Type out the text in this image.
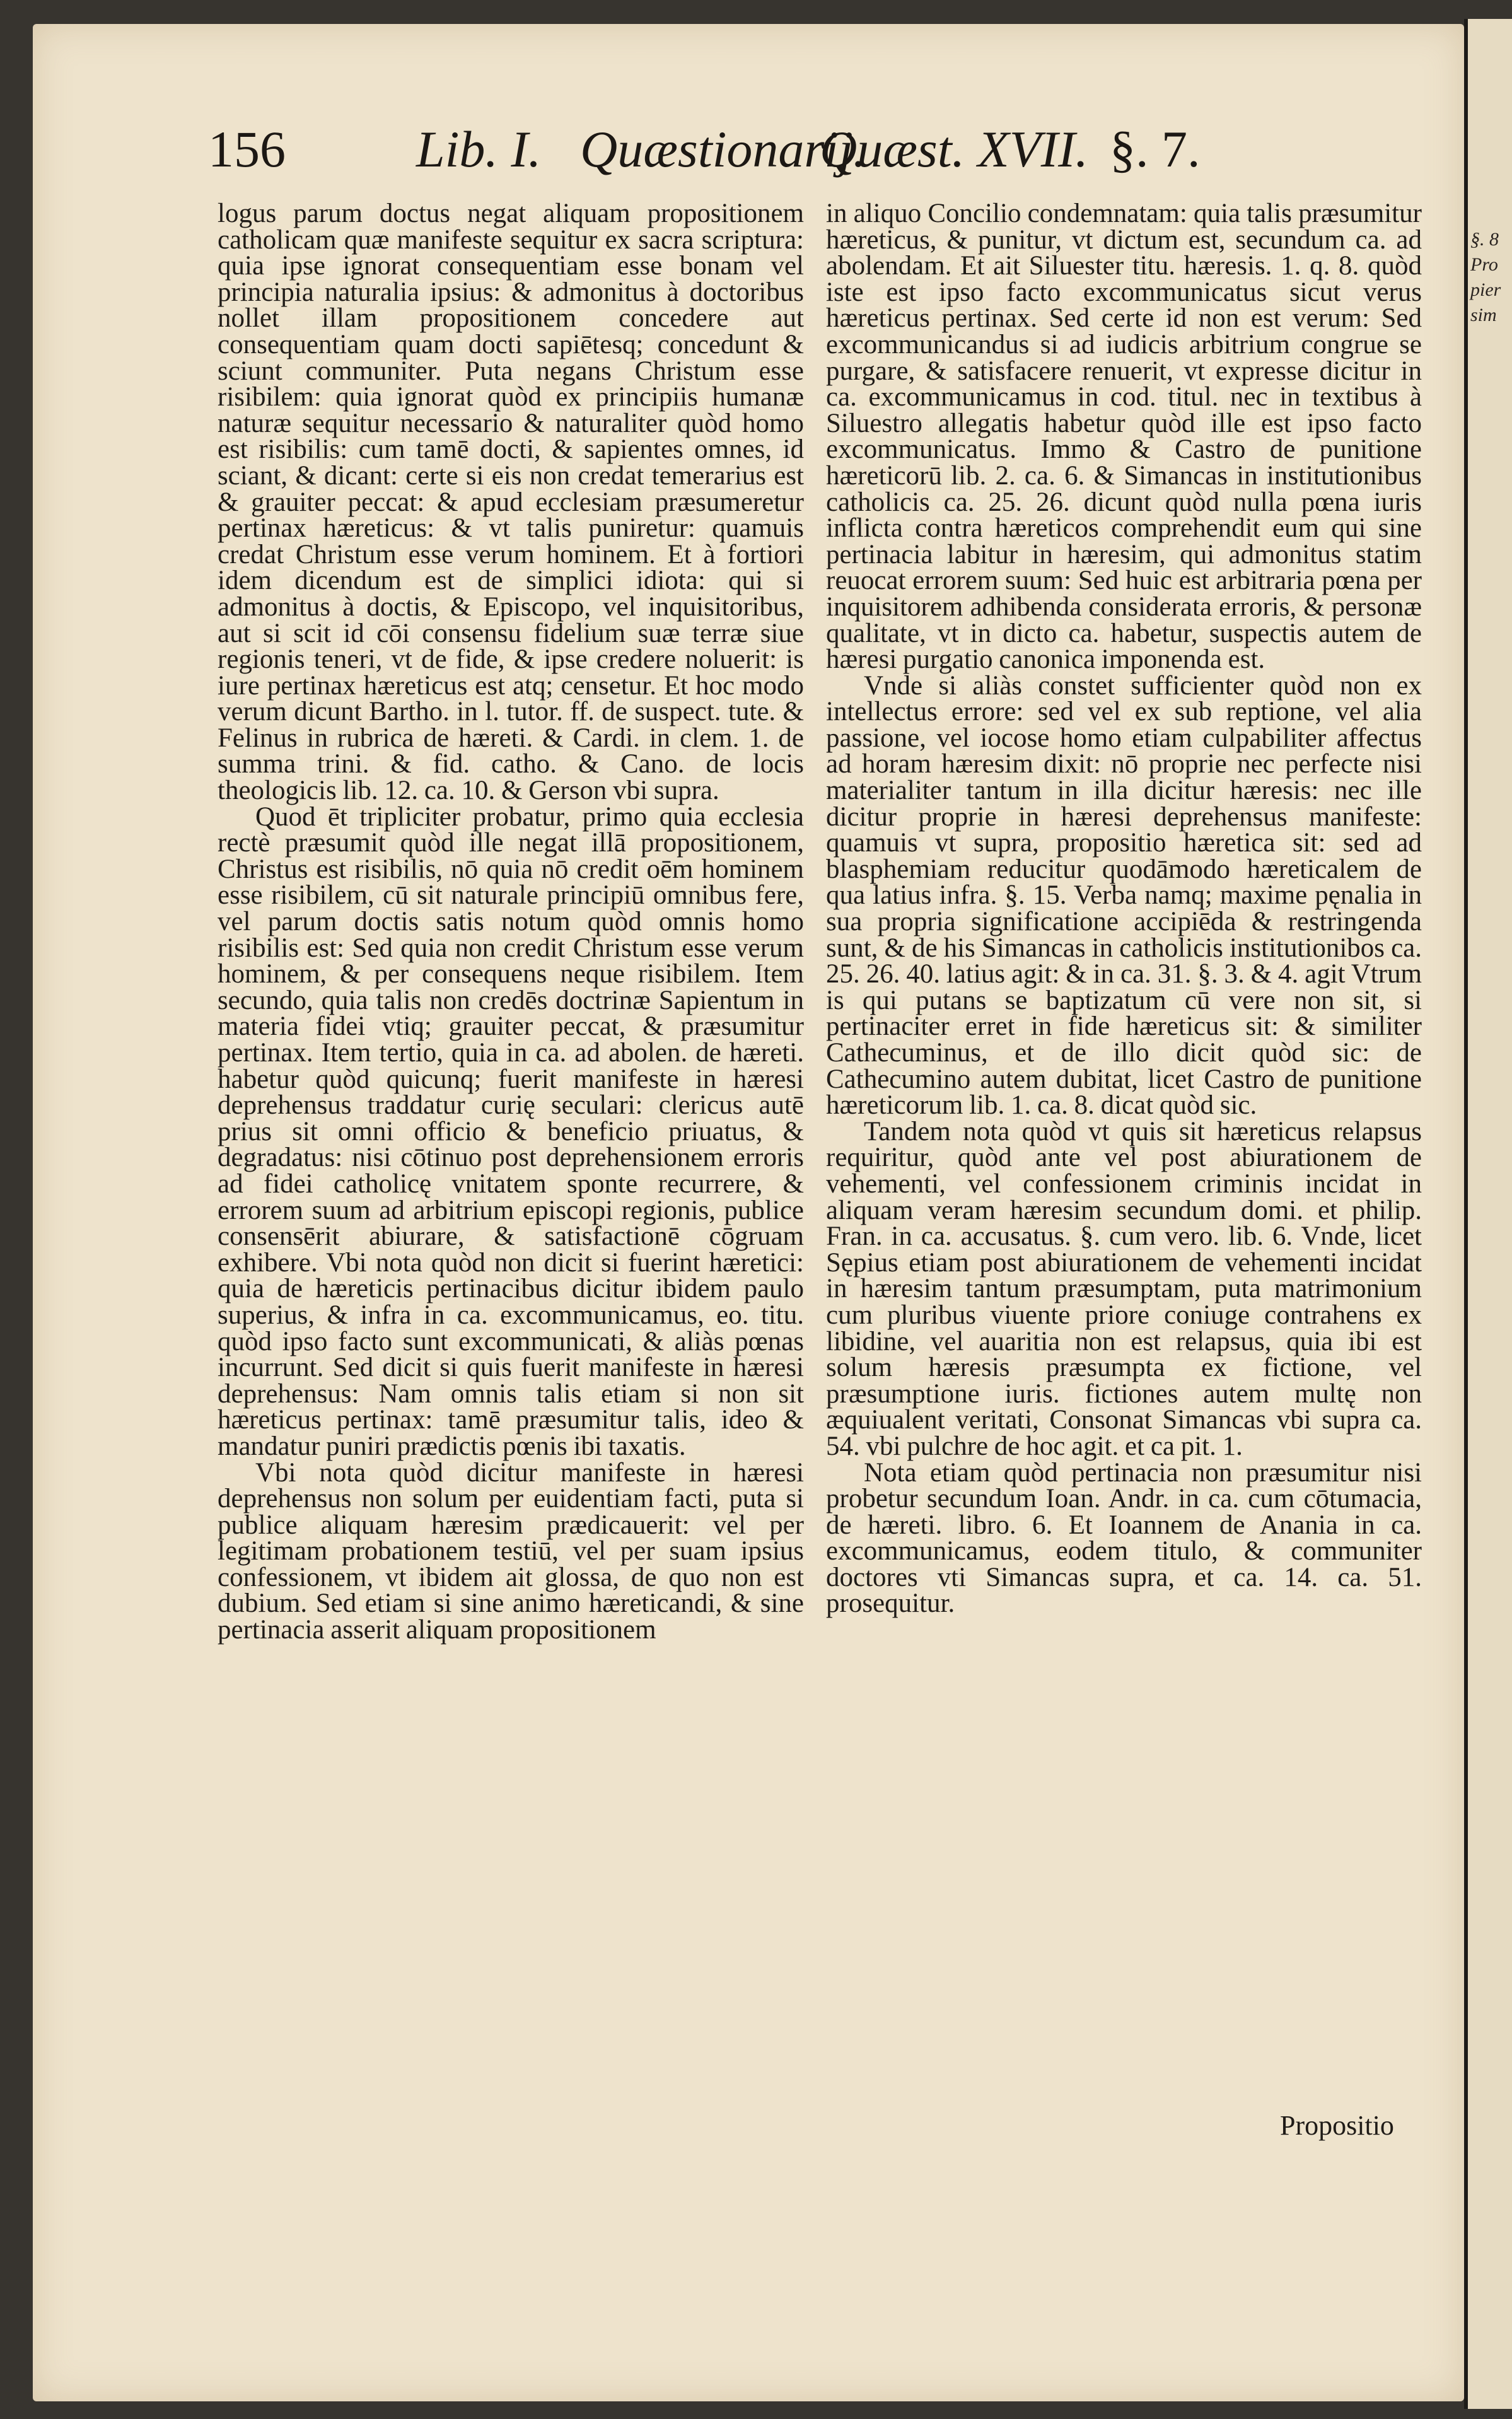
§. 8
Pro
pier
sim
156	Lib. I. Quæstionarij.
Quæst. XVII. §. 7.

logus parum doctus negat aliquam propositionem catholicam quæ manifeste sequitur ex sacra scriptura: quia ipse ignorat consequentiam esse bonam vel principia naturalia ipsius: & admonitus à doctoribus nollet illam propositionem concedere aut consequentiam quam docti sapiētesq; concedunt & sciunt communiter. Puta negans Christum esse risibilem: quia ignorat quòd ex principiis humanæ naturæ sequitur necessario & naturaliter quòd homo est risibilis: cum tamē docti, & sapientes omnes, id sciant, & dicant: certe si eis non credat temerarius est & grauiter peccat: & apud ecclesiam præsumeretur pertinax hæreticus: & vt talis puniretur: quamuis credat Christum esse verum hominem. Et à fortiori idem dicendum est de simplici idiota: qui si admonitus à doctis, & Episcopo, vel inquisitoribus, aut si scit id cōi consensu fidelium suæ terræ siue regionis teneri, vt de fide, & ipse credere noluerit: is iure pertinax hæreticus est atq; censetur. Et hoc modo verum dicunt Bartho. in l. tutor. ff. de suspect. tute. & Felinus in rubrica de hæreti. & Cardi. in clem. 1. de summa trini. & fid. catho. & Cano. de locis theologicis lib. 12. ca. 10. & Gerson vbi supra.

Quod ēt tripliciter probatur, primo quia ecclesia rectè præsumit quòd ille negat illā propositionem, Christus est risibilis, nō quia nō credit oēm hominem esse risibilem, cū sit naturale principiū omnibus fere, vel parum doctis satis notum quòd omnis homo risibilis est: Sed quia non credit Christum esse verum hominem, & per consequens neque risibilem. Item secundo, quia talis non credēs doctrinæ Sapientum in materia fidei vtiq; grauiter peccat, & præsumitur pertinax. Item tertio, quia in ca. ad abolen. de hæreti. habetur quòd quicunq; fuerit manifeste in hæresi deprehensus traddatur curię seculari: clericus autē prius sit omni officio & beneficio priuatus, & degradatus: nisi cōtinuo post deprehensionem erroris ad fidei catholicę vnitatem sponte recurrere, & errorem suum ad arbitrium episcopi regionis, publice consensērit abiurare, & satisfactionē cōgruam exhibere. Vbi nota quòd non dicit si fuerint hæretici: quia de hæreticis pertinacibus dicitur ibidem paulo superius, & infra in ca. excommunicamus, eo. titu. quòd ipso facto sunt excommunicati, & aliàs pœnas incurrunt. Sed dicit si quis fuerit manifeste in hæresi deprehensus: Nam omnis talis etiam si non sit hæreticus pertinax: tamē præsumitur talis, ideo & mandatur puniri prædictis pœnis ibi taxatis.

Vbi nota quòd dicitur manifeste in hæresi deprehensus non solum per euidentiam facti, puta si publice aliquam hæresim prædicauerit: vel per legitimam probationem testiū, vel per suam ipsius confessionem, vt ibidem ait glossa, de quo non est dubium. Sed etiam si sine animo hæreticandi, & sine pertinacia asserit aliquam propositionem

in aliquo Concilio condemnatam: quia talis præsumitur hæreticus, & punitur, vt dictum est, secundum ca. ad abolendam. Et ait Siluester titu. hæresis. 1. q. 8. quòd iste est ipso facto excommunicatus sicut verus hæreticus pertinax. Sed certe id non est verum: Sed excommunicandus si ad iudicis arbitrium congrue se purgare, & satisfacere renuerit, vt expresse dicitur in ca. excommunicamus in cod. titul. nec in textibus à Siluestro allegatis habetur quòd ille est ipso facto excommunicatus. Immo & Castro de punitione hæreticorū lib. 2. ca. 6. & Simancas in institutionibus catholicis ca. 25. 26. dicunt quòd nulla pœna iuris inflicta contra hæreticos comprehendit eum qui sine pertinacia labitur in hæresim, qui admonitus statim reuocat errorem suum: Sed huic est arbitraria pœna per inquisitorem adhibenda considerata erroris, & personæ qualitate, vt in dicto ca. habetur, suspectis autem de hæresi purgatio canonica imponenda est.

Vnde si aliàs constet sufficienter quòd non ex intellectus errore: sed vel ex sub reptione, vel alia passione, vel iocose homo etiam culpabiliter affectus ad horam hæresim dixit: nō proprie nec perfecte nisi materialiter tantum in illa dicitur hæresis: nec ille dicitur proprie in hæresi deprehensus manifeste: quamuis vt supra, propositio hæretica sit: sed ad blasphemiam reducitur quodāmodo hæreticalem de qua latius infra. §. 15. Verba namq; maxime pęnalia in sua propria significatione accipiēda & restringenda sunt, & de his Simancas in catholicis institutionibos ca. 25. 26. 40. latius agit: & in ca. 31. §. 3. & 4. agit Vtrum is qui putans se baptizatum cū vere non sit, si pertinaciter erret in fide hæreticus sit: & similiter Cathecuminus, et de illo dicit quòd sic: de Cathecumino autem dubitat, licet Castro de punitione hæreticorum lib. 1. ca. 8. dicat quòd sic.

Tandem nota quòd vt quis sit hæreticus relapsus requiritur, quòd ante vel post abiurationem de vehementi, vel confessionem criminis incidat in aliquam veram hæresim secundum domi. et philip. Fran. in ca. accusatus. §. cum vero. lib. 6. Vnde, licet Sępius etiam post abiurationem de vehementi incidat in hæresim tantum præsumptam, puta matrimonium cum pluribus viuente priore coniuge contrahens ex libidine, vel auaritia non est relapsus, quia ibi est solum hæresis præsumpta ex fictione, vel præsumptione iuris. fictiones autem multę non æquiualent veritati, Consonat Simancas vbi supra ca. 54. vbi pulchre de hoc agit. et ca pit. 1.

Nota etiam quòd pertinacia non præsumitur nisi probetur secundum Ioan. Andr. in ca. cum cōtumacia, de hæreti. libro. 6. Et Ioannem de Anania in ca. excommunicamus, eodem titulo, & communiter doctores vti Simancas supra, et ca. 14. ca. 51. prosequitur.

Propositio
